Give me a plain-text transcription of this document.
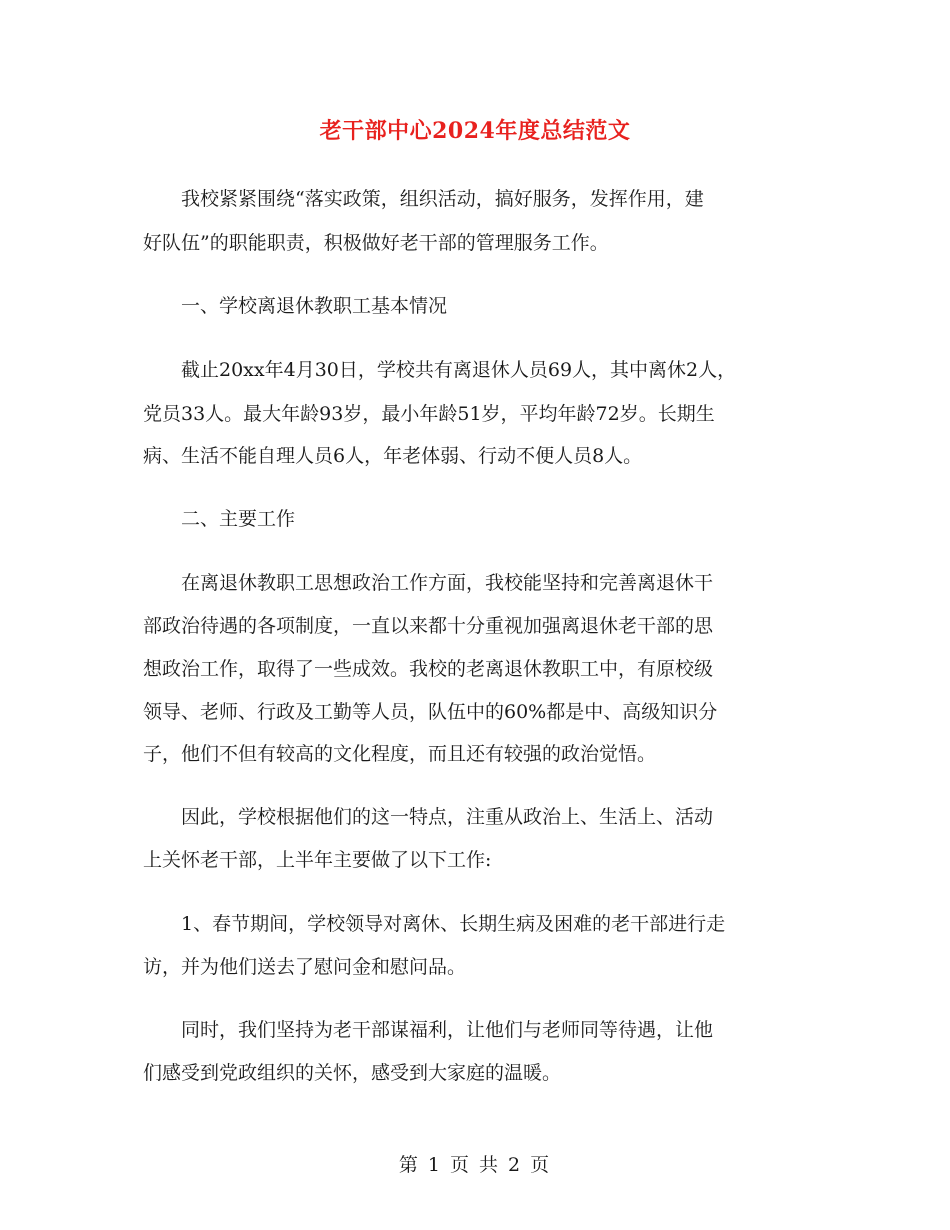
老干部中心2024年度总结范文
我校紧紧围绕“落实政策，组织活动，搞好服务，发挥作用，建
好队伍”的职能职责，积极做好老干部的管理服务工作。
一、学校离退休教职工基本情况
截止20xx年4月30日，学校共有离退休人员69人，其中离休2人，
党员33人。最大年龄93岁，最小年龄51岁，平均年龄72岁。长期生
病、生活不能自理人员6人，年老体弱、行动不便人员8人。
二、主要工作
在离退休教职工思想政治工作方面，我校能坚持和完善离退休干
部政治待遇的各项制度，一直以来都十分重视加强离退休老干部的思
想政治工作，取得了一些成效。我校的老离退休教职工中，有原校级
领导、老师、行政及工勤等人员，队伍中的60%都是中、高级知识分
子，他们不但有较高的文化程度，而且还有较强的政治觉悟。
因此，学校根据他们的这一特点，注重从政治上、生活上、活动
上关怀老干部，上半年主要做了以下工作:
1、春节期间，学校领导对离休、长期生病及困难的老干部进行走
访，并为他们送去了慰问金和慰问品。
同时，我们坚持为老干部谋福利，让他们与老师同等待遇，让他
们感受到党政组织的关怀，感受到大家庭的温暖。
第 1 页 共 2 页
